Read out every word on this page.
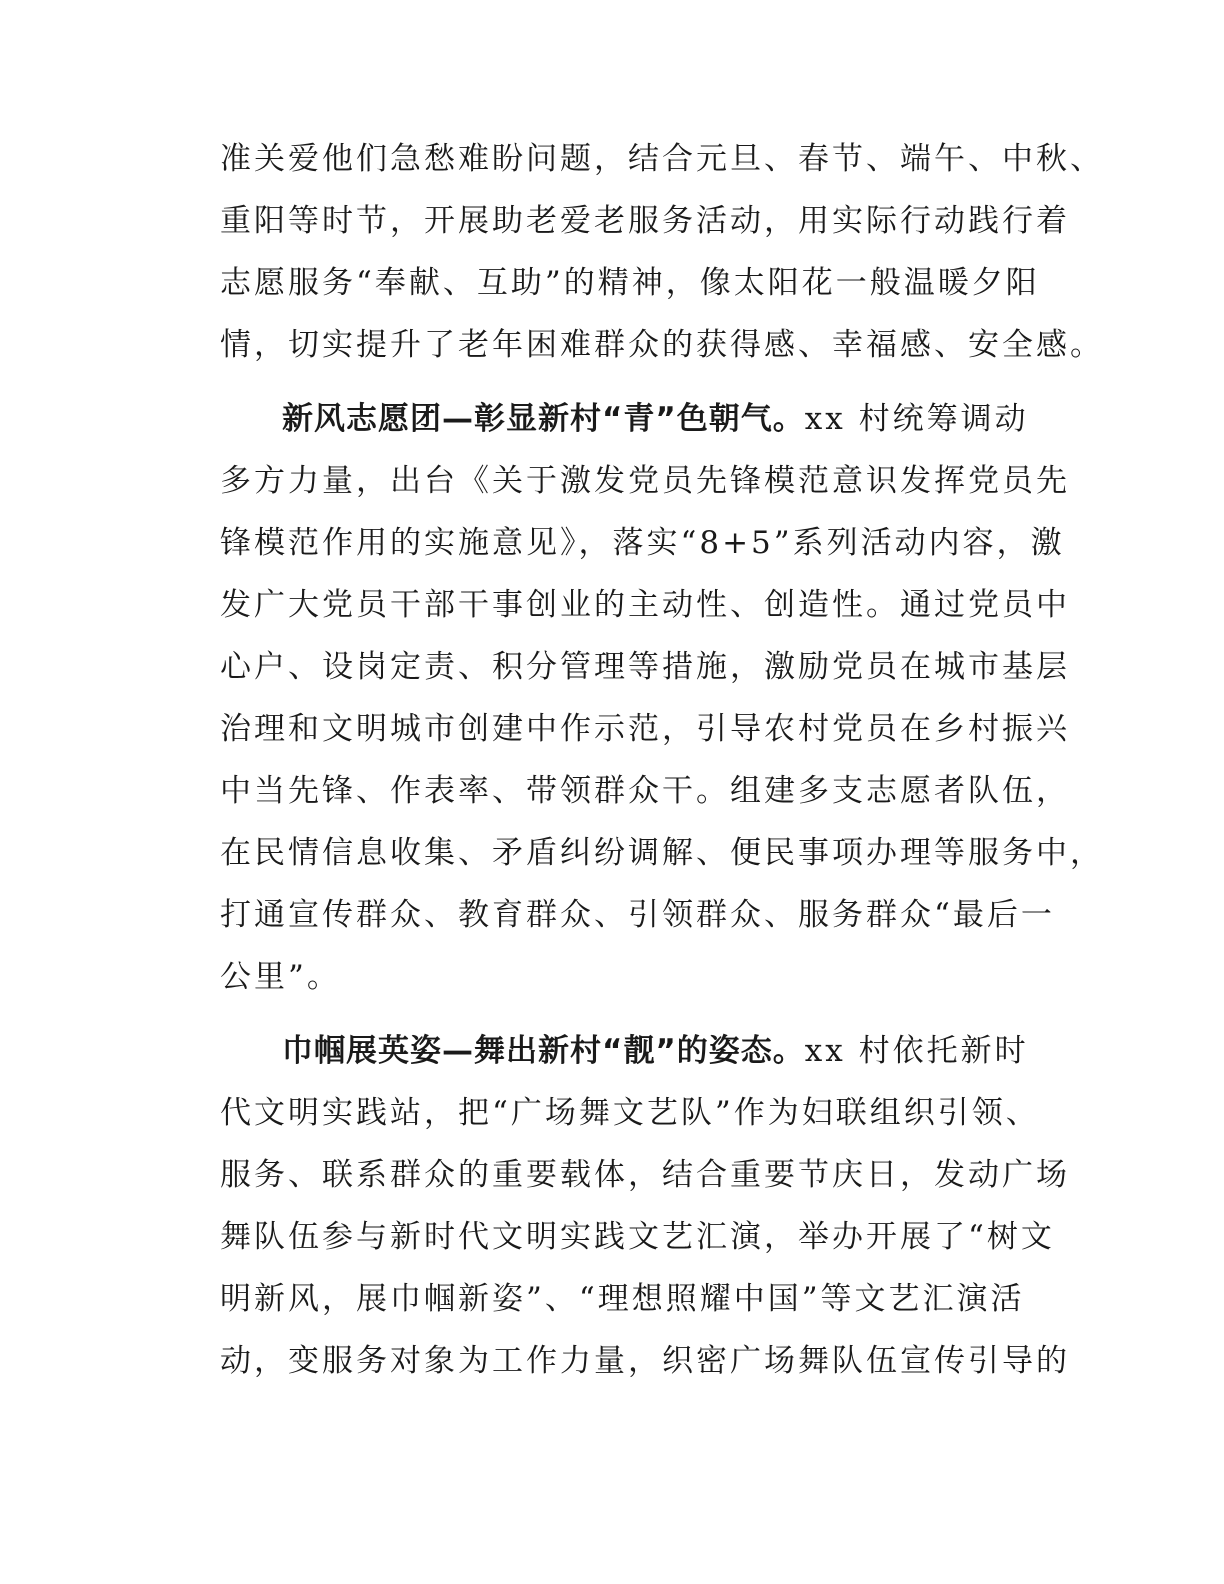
准关爱他们急愁难盼问题，结合元旦、春节、端午、中秋、
重阳等时节，开展助老爱老服务活动，用实际行动践行着
志愿服务“奉献、互助”的精神，像太阳花一般温暖夕阳
情，切实提升了老年困难群众的获得感、幸福感、安全感。
新风志愿团—彰显新村“青”色朝气。xx 村统筹调动
多方力量，出台《关于激发党员先锋模范意识发挥党员先
锋模范作用的实施意见》，落实“8+5”系列活动内容，激
发广大党员干部干事创业的主动性、创造性。通过党员中
心户、设岗定责、积分管理等措施，激励党员在城市基层
治理和文明城市创建中作示范，引导农村党员在乡村振兴
中当先锋、作表率、带领群众干。组建多支志愿者队伍，
在民情信息收集、矛盾纠纷调解、便民事项办理等服务中，
打通宣传群众、教育群众、引领群众、服务群众“最后一
公里”。
巾帼展英姿—舞出新村“靓”的姿态。xx 村依托新时
代文明实践站，把“广场舞文艺队”作为妇联组织引领、
服务、联系群众的重要载体，结合重要节庆日，发动广场
舞队伍参与新时代文明实践文艺汇演，举办开展了“树文
明新风，展巾帼新姿”、“理想照耀中国”等文艺汇演活
动，变服务对象为工作力量，织密广场舞队伍宣传引导的
